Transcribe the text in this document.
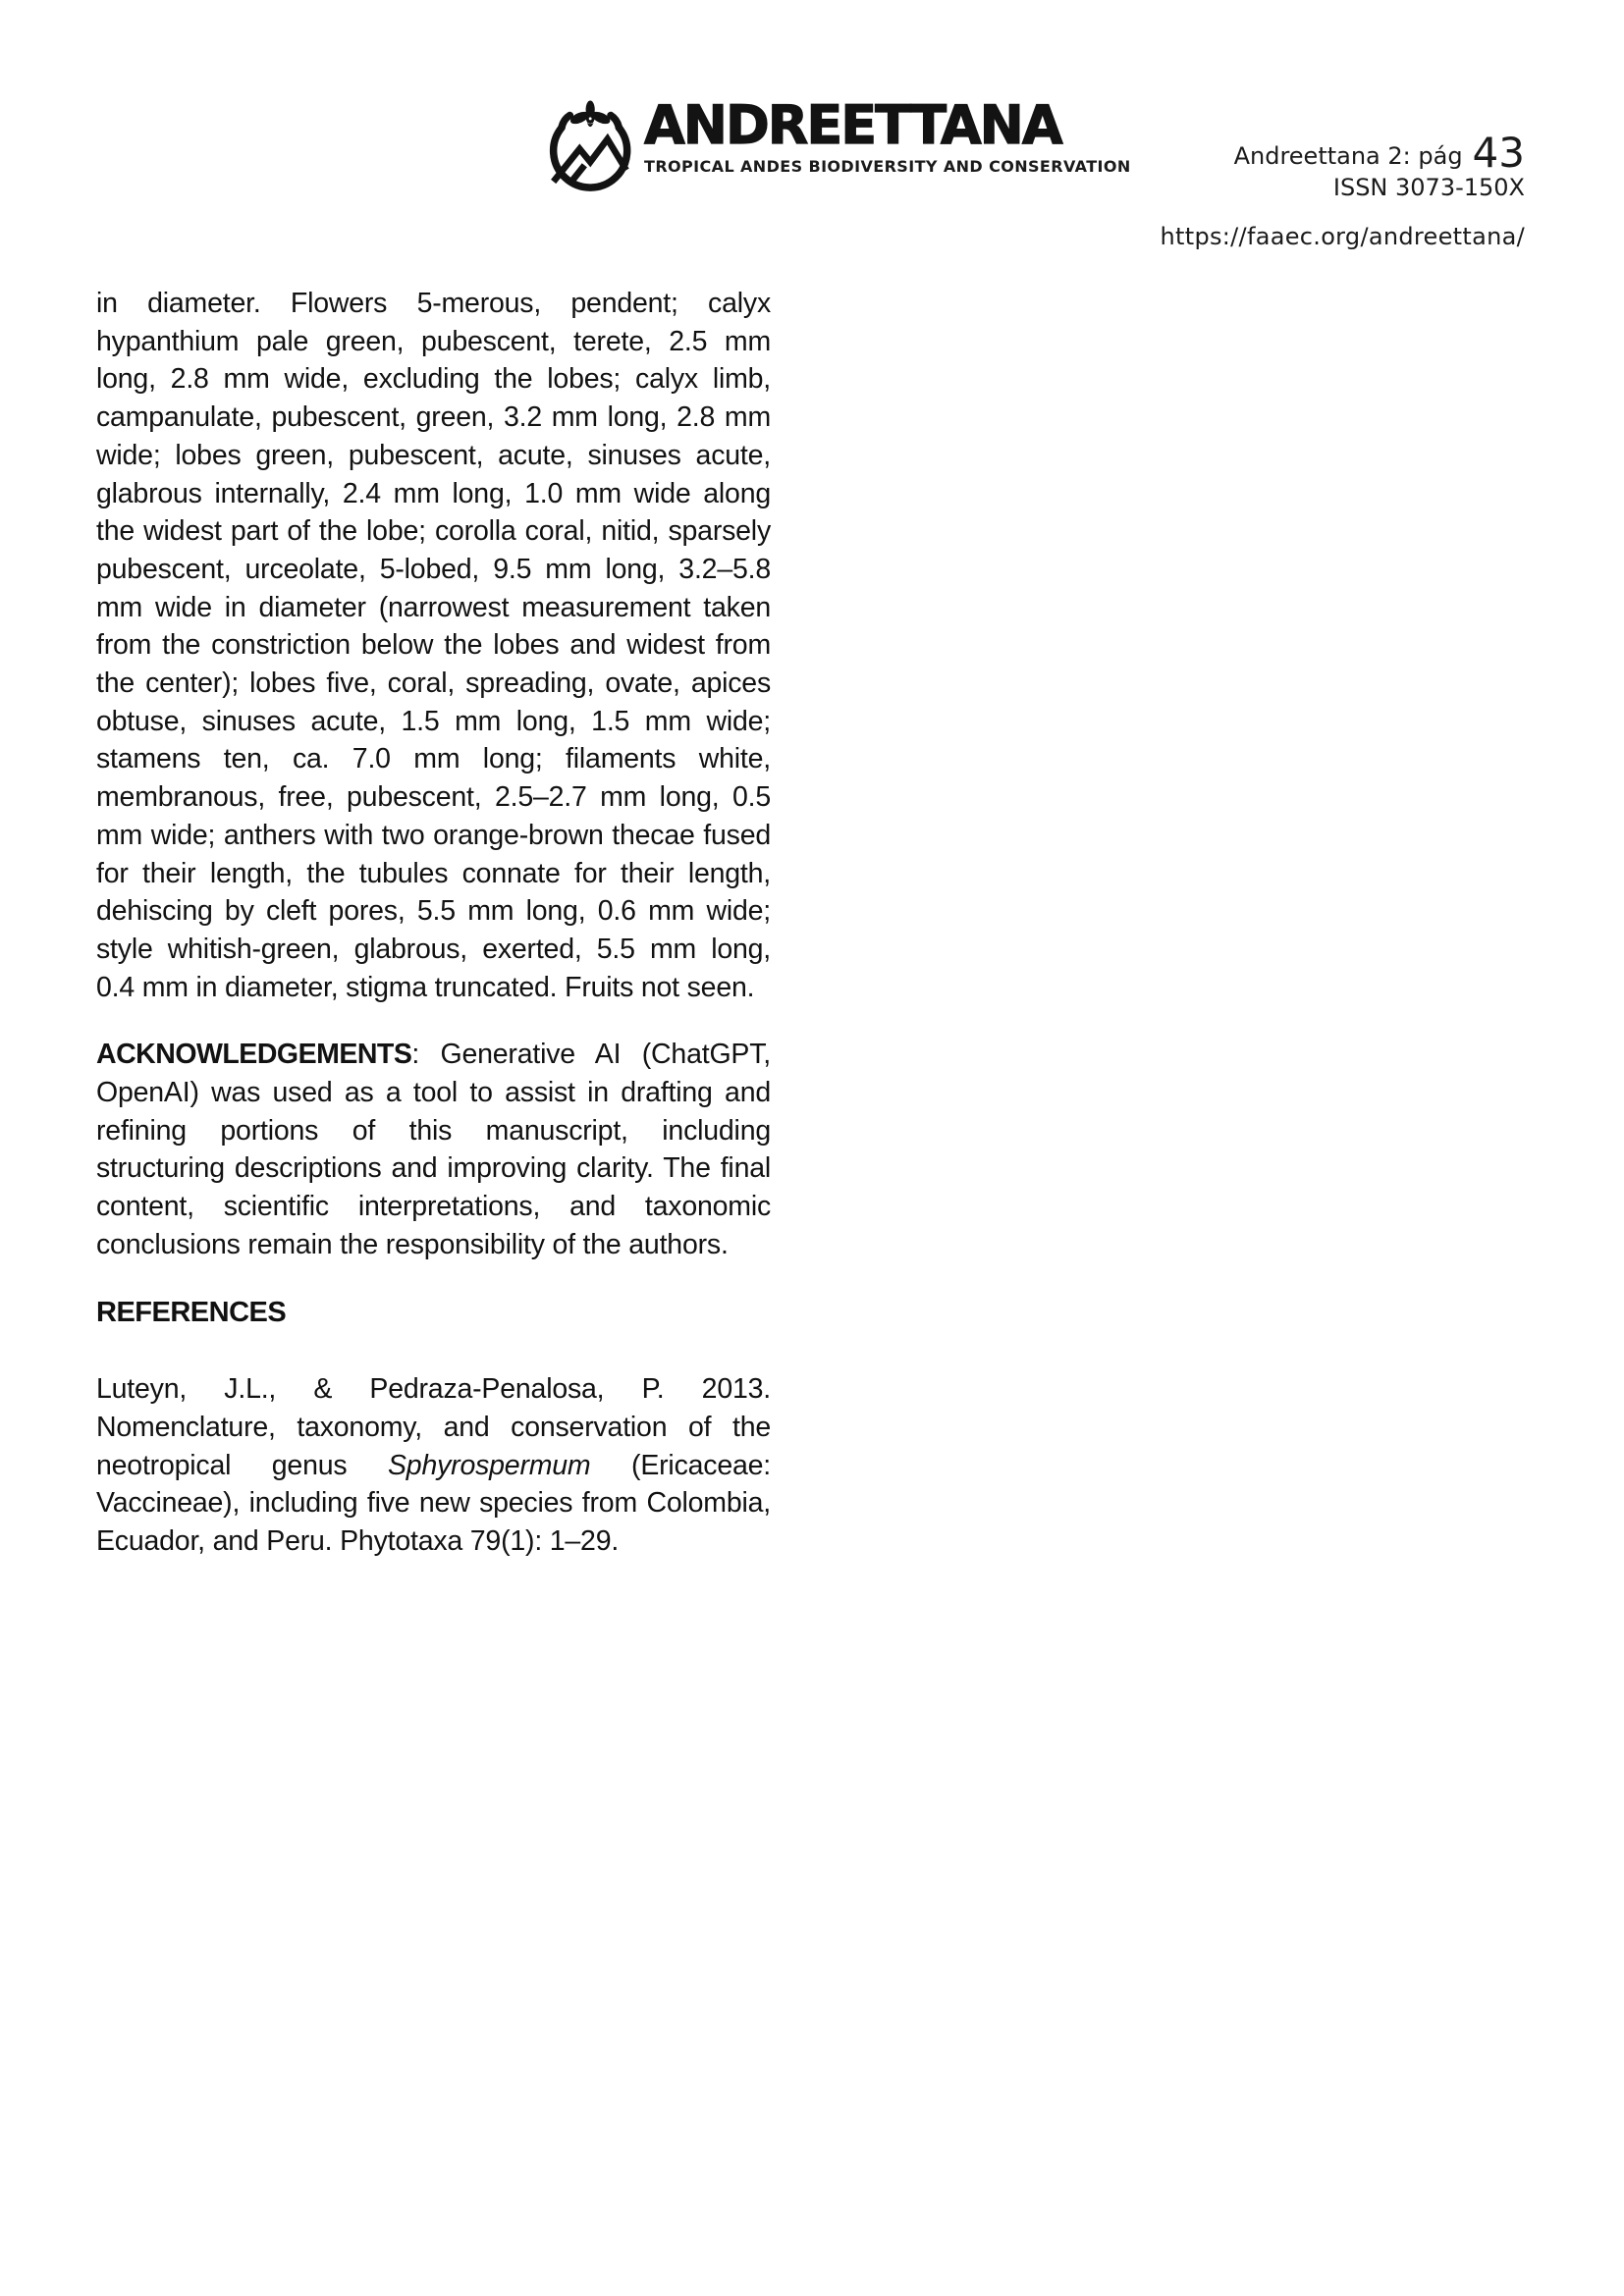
ANDREETTANA
TROPICAL ANDES BIODIVERSITY AND CONSERVATION	Andreettana 2: pág 43
ISSN 3073-150X
https://faaec.org/andreettana/

in diameter. Flowers 5-merous, pendent; calyx hypanthium pale green, pubescent, terete, 2.5 mm long, 2.8 mm wide, excluding the lobes; calyx limb, campanulate, pubescent, green, 3.2 mm long, 2.8 mm wide; lobes green, pubescent, acute, sinuses acute, glabrous internally, 2.4 mm long, 1.0 mm wide along the widest part of the lobe; corolla coral, nitid, sparsely pubescent, urceolate, 5-lobed, 9.5 mm long, 3.2–5.8 mm wide in diameter (narrowest measurement taken from the constriction below the lobes and widest from the center); lobes five, coral, spreading, ovate, apices obtuse, sinuses acute, 1.5 mm long, 1.5 mm wide; stamens ten, ca. 7.0 mm long; filaments white, membranous, free, pubescent, 2.5–2.7 mm long, 0.5 mm wide; anthers with two orange-brown thecae fused for their length, the tubules connate for their length, dehiscing by cleft pores, 5.5 mm long, 0.6 mm wide; style whitish-green, glabrous, exerted, 5.5 mm long, 0.4 mm in diameter, stigma truncated. Fruits not seen.

ACKNOWLEDGEMENTS: Generative AI (ChatGPT, OpenAI) was used as a tool to assist in drafting and refining portions of this manuscript, including structuring descriptions and improving clarity. The final content, scientific interpretations, and taxonomic conclusions remain the responsibility of the authors.

REFERENCES

Luteyn, J.L., & Pedraza-Penalosa, P. 2013. Nomenclature, taxonomy, and conservation of the neotropical genus Sphyrospermum (Ericaceae: Vaccineae), including five new species from Colombia, Ecuador, and Peru. Phytotaxa 79(1): 1–29.
